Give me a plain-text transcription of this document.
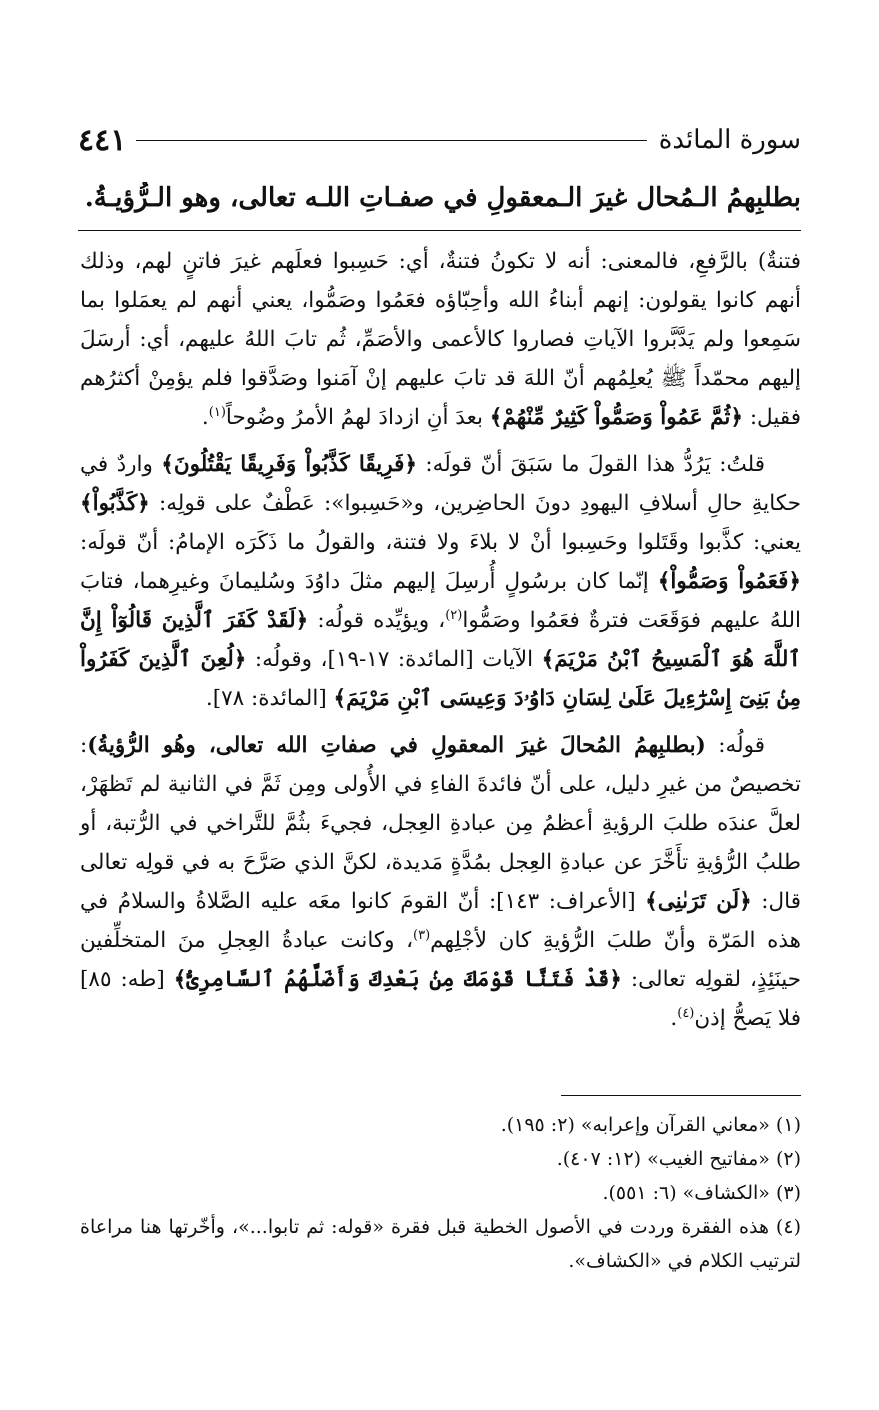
سورة المائدة
٤٤١
بطلبِهمُ الـمُحال غيرَ الـمعقولِ في صفـاتِ اللـه تعالى، وهو الـرُّؤيـةُ.

فتنةٌ) بالرَّفعِ، فالمعنى: أنه لا تكونُ فتنةٌ، أي: حَسِبوا فعلَهم غيرَ فاتنٍ لهم، وذلك أنهم كانوا يقولون: إنهم أبناءُ الله وأحِبّاؤه فعَمُوا وصَمُّوا، يعني أنهم لم يعمَلوا بما سَمِعوا ولم يَدَّبَّروا الآياتِ فصاروا كالأعمى والأصَمِّ، ثُم تابَ اللهُ عليهم، أي: أرسَلَ إليهم محمّداً ﷺ يُعلِمُهم أنّ اللهَ قد تابَ عليهم إنْ آمَنوا وصَدَّقوا فلم يؤمِنْ أكثرُهم فقيل: ﴿ثُمَّ عَمُواْ وَصَمُّواْ كَثِيرٌ مِّنْهُمْ﴾ بعدَ أنِ ازدادَ لهمُ الأمرُ وضُوحاً$^{(١)}$.

قلتُ: يَرُدُّ هذا القولَ ما سَبَقَ أنّ قولَه: ﴿فَرِيقًا كَذَّبُواْ وَفَرِيقًا يَقْتُلُونَ﴾ واردٌ في حكايةِ حالِ أسلافِ اليهودِ دونَ الحاضِرين، و«حَسِبوا»: عَطْفٌ على قولِه: ﴿كَذَّبُواْ﴾ يعني: كذَّبوا وقَتَلوا وحَسِبوا أنْ لا بلاءَ ولا فتنة، والقولُ ما ذَكَرَه الإمامُ: أنّ قولَه: ﴿فَعَمُواْ وَصَمُّواْ﴾ إنّما كان برسُولٍ أُرسِلَ إليهم مثلَ داوُدَ وسُليمانَ وغيرِهما، فتابَ اللهُ عليهم فوَقَعَت فترةٌ فعَمُوا وصَمُّوا$^{(٢)}$، ويؤيِّده قولُه: ﴿لَقَدْ كَفَرَ ٱلَّذِينَ قَالُوٓاْ إِنَّ ٱللَّهَ هُوَ ٱلْمَسِيحُ ٱبْنُ مَرْيَمَ﴾ الآيات [المائدة: ١٧-١٩]، وقولُه: ﴿لُعِنَ ٱلَّذِينَ كَفَرُواْ مِنۢ بَنِىٓ إِسْرَٰٓءِيلَ عَلَىٰ لِسَانِ دَاوُۥدَ وَعِيسَى ٱبْنِ مَرْيَمَ﴾ [المائدة: ٧٨].

قولُه: (بطلبِهمُ المُحالَ غيرَ المعقولِ في صفاتِ الله تعالى، وهُو الرُّؤيةُ): تخصيصٌ من غيرِ دليل، على أنّ فائدةَ الفاءِ في الأُولى ومِن ثَمَّ في الثانية لم تَظهَرْ، لعلَّ عندَه طلبَ الرؤيةِ أعظمُ مِن عبادةِ العِجل، فجيءَ بثُمَّ للتَّراخي في الرُّتبة، أو طلبُ الرُّؤيةِ تأَخَّرَ عن عبادةِ العِجل بمُدَّةٍ مَديدة، لكنَّ الذي صَرَّحَ به في قولِه تعالى قال: ﴿لَن تَرَىٰنِى﴾ [الأعراف: ١٤٣]: أنّ القومَ كانوا معَه عليه الصَّلاةُ والسلامُ في هذه المَرّة وأنّ طلبَ الرُّؤيةِ كان لأجْلِهم$^{(٣)}$، وكانت عبادةُ العِجلِ منَ المتخلِّفين حينَئِذٍ، لقولِه تعالى: ﴿قَدْ فَتَنَّا قَوْمَكَ مِنۢ بَعْدِكَ وَأَضَلَّهُمُ ٱلسَّامِرِىُّ﴾ [طه: ٨٥] فلا يَصحُّ إذن$^{(٤)}$.

(١) «معاني القرآن وإعرابه» (٢: ١٩٥).

(٢) «مفاتيح الغيب» (١٢: ٤٠٧).

(٣) «الكشاف» (٦: ٥٥١).

(٤) هذه الفقرة وردت في الأصول الخطية قبل فقرة «قوله: ثم تابوا...»، وأخّرتها هنا مراعاة لترتيب الكلام في «الكشاف».
